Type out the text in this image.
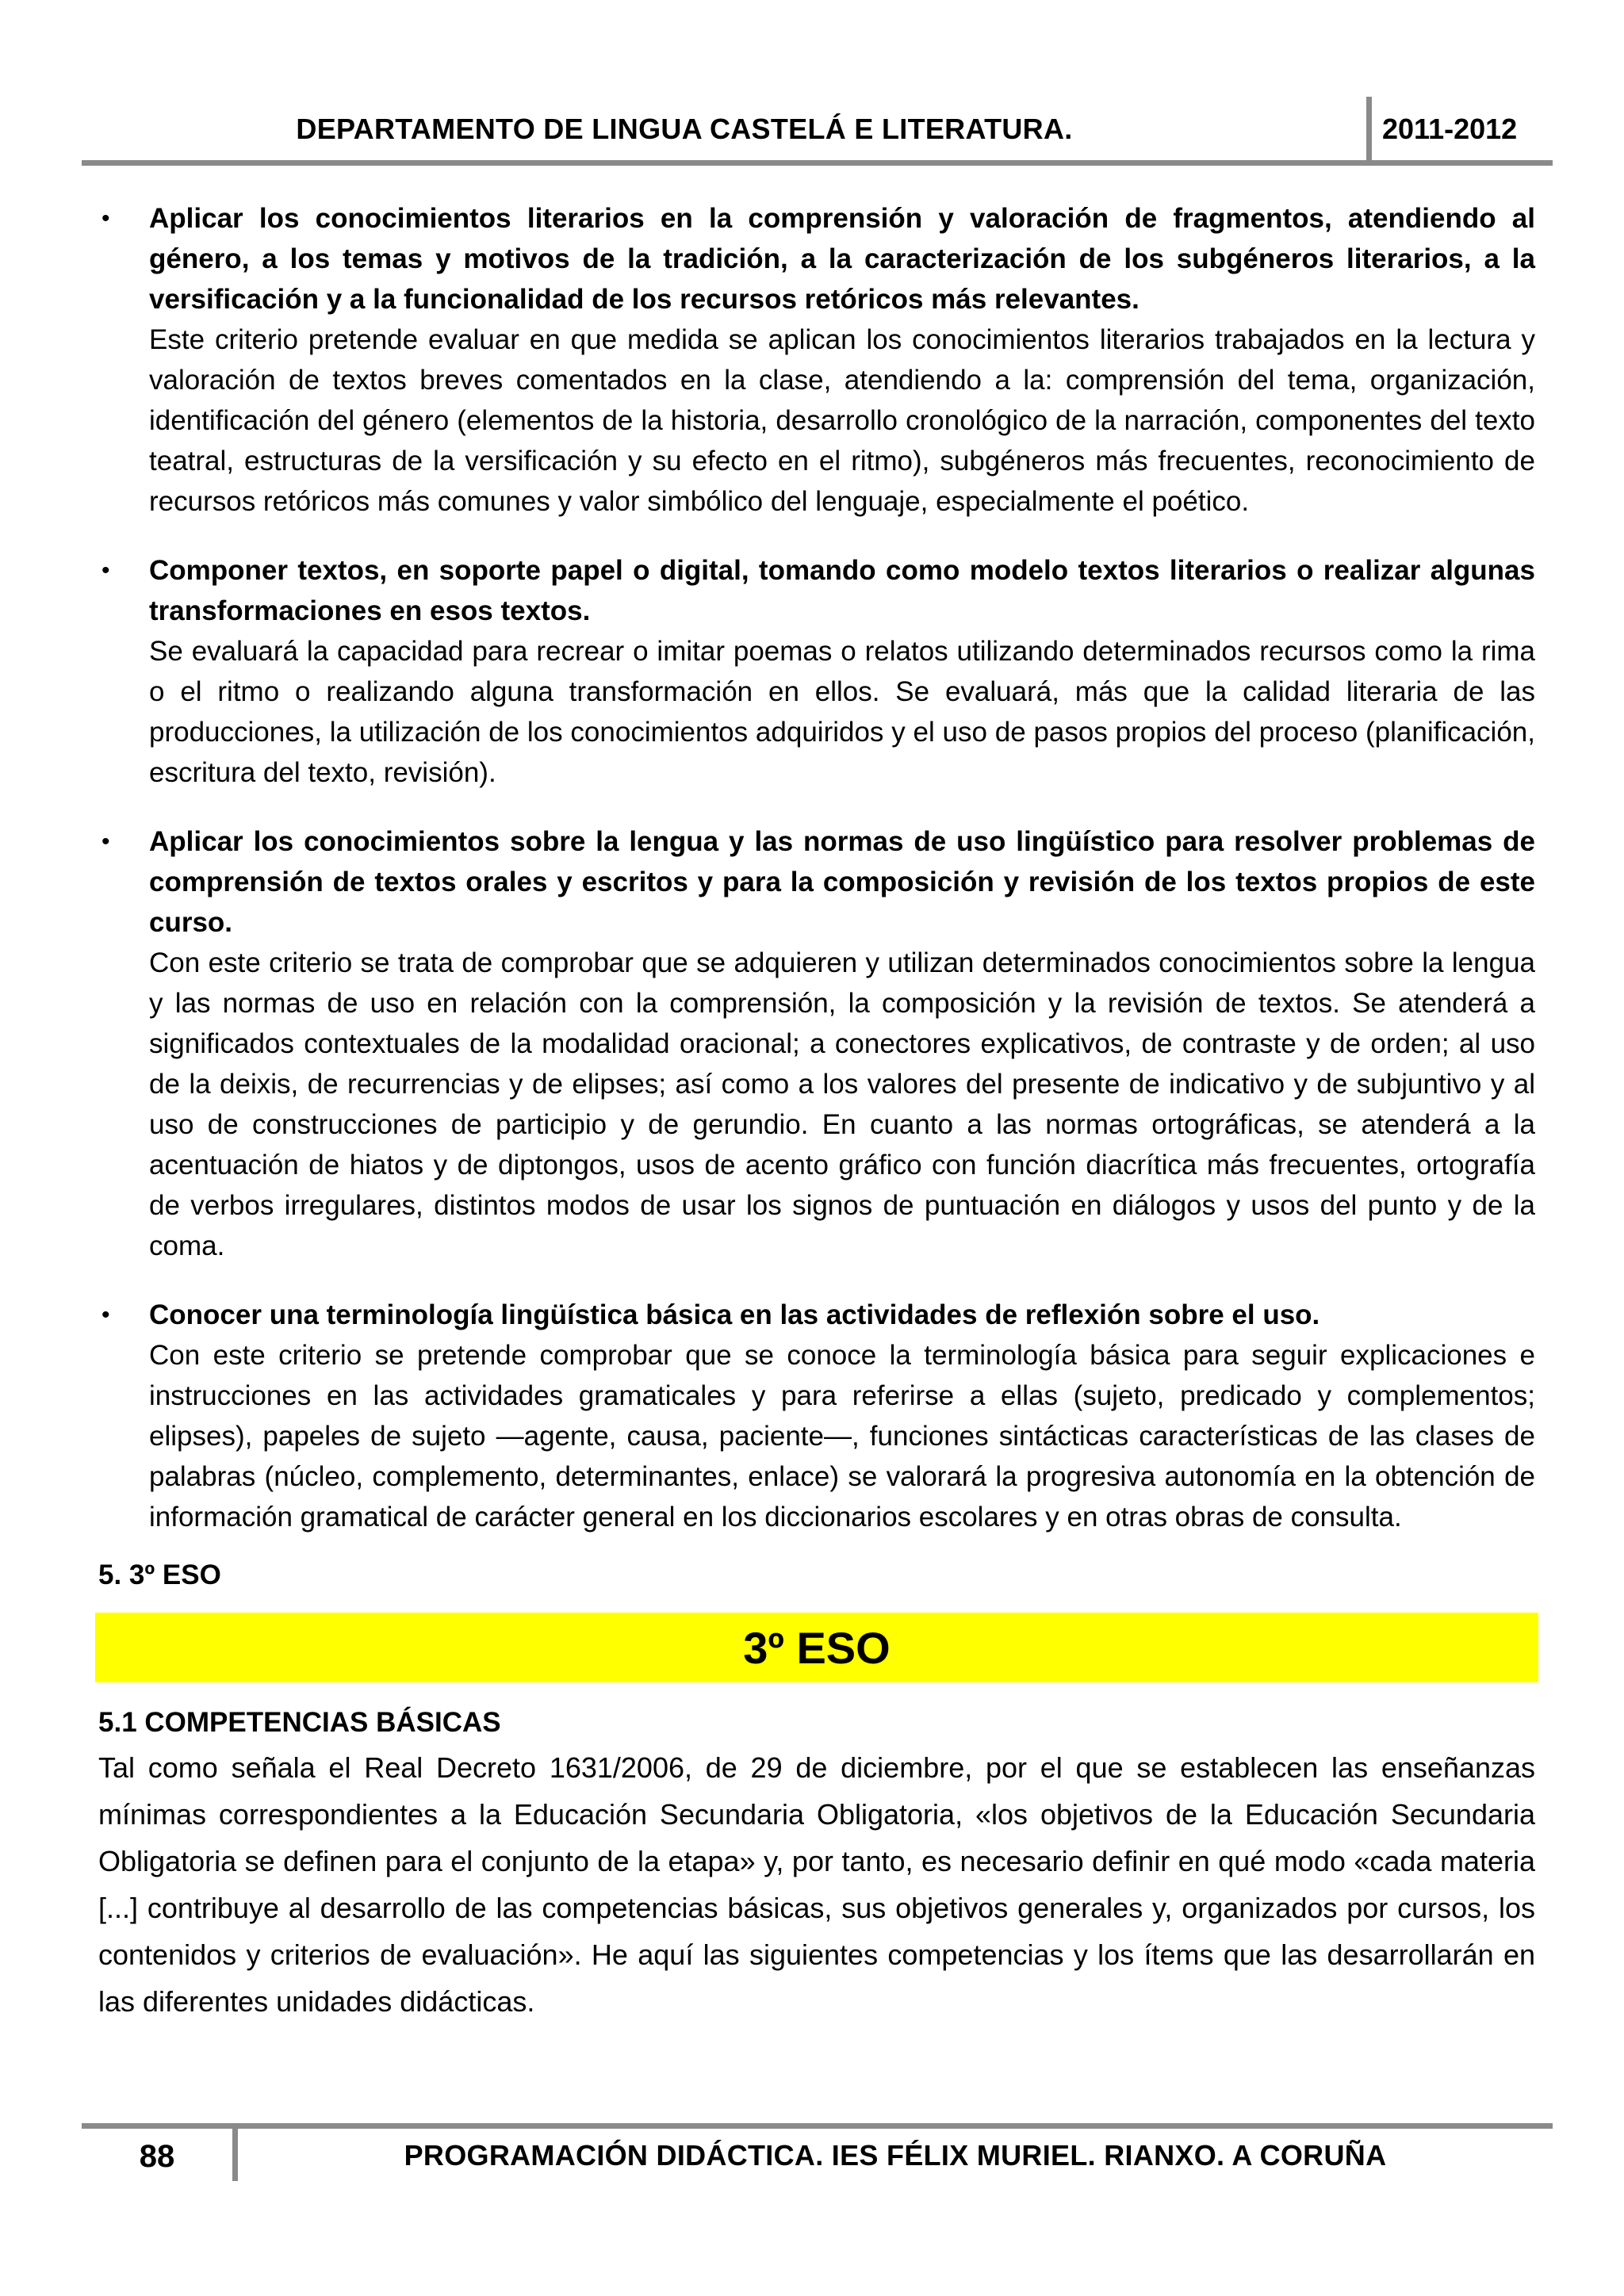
DEPARTAMENTO DE LINGUA CASTELÁ E LITERATURA.	2011-2012
• Aplicar los conocimientos literarios en la comprensión y valoración de fragmentos, atendiendo al género, a los temas y motivos de la tradición, a la caracterización de los subgéneros literarios, a la versificación y a la funcionalidad de los recursos retóricos más relevantes.
Este criterio pretende evaluar en que medida se aplican los conocimientos literarios trabajados en la lectura y valoración de textos breves comentados en la clase, atendiendo a la: comprensión del tema, organización, identificación del género (elementos de la historia, desarrollo cronológico de la narración, componentes del texto teatral, estructuras de la versificación y su efecto en el ritmo), subgéneros más frecuentes, reconocimiento de recursos retóricos más comunes y valor simbólico del lenguaje, especialmente el poético.
• Componer textos, en soporte papel o digital, tomando como modelo textos literarios o realizar algunas transformaciones en esos textos.
Se evaluará la capacidad para recrear o imitar poemas o relatos utilizando determinados recursos como la rima o el ritmo o realizando alguna transformación en ellos. Se evaluará, más que la calidad literaria de las producciones, la utilización de los conocimientos adquiridos y el uso de pasos propios del proceso (planificación, escritura del texto, revisión).
• Aplicar los conocimientos sobre la lengua y las normas de uso lingüístico para resolver problemas de comprensión de textos orales y escritos y para la composición y revisión de los textos propios de este curso.
Con este criterio se trata de comprobar que se adquieren y utilizan determinados conocimientos sobre la lengua y las normas de uso en relación con la comprensión, la composición y la revisión de textos. Se atenderá a significados contextuales de la modalidad oracional; a conectores explicativos, de contraste y de orden; al uso de la deixis, de recurrencias y de elipses; así como a los valores del presente de indicativo y de subjuntivo y al uso de construcciones de participio y de gerundio. En cuanto a las normas ortográficas, se atenderá a la acentuación de hiatos y de diptongos, usos de acento gráfico con función diacrítica más frecuentes, ortografía de verbos irregulares, distintos modos de usar los signos de puntuación en diálogos y usos del punto y de la coma.
• Conocer una terminología lingüística básica en las actividades de reflexión sobre el uso.
Con este criterio se pretende comprobar que se conoce la terminología básica para seguir explicaciones e instrucciones en las actividades gramaticales y para referirse a ellas (sujeto, predicado y complementos; elipses), papeles de sujeto —agente, causa, paciente—, funciones sintácticas características de las clases de palabras (núcleo, complemento, determinantes, enlace) se valorará la progresiva autonomía en la obtención de información gramatical de carácter general en los diccionarios escolares y en otras obras de consulta.
5. 3º ESO
3º ESO
5.1 COMPETENCIAS BÁSICAS
Tal como señala el Real Decreto 1631/2006, de 29 de diciembre, por el que se establecen las enseñanzas mínimas correspondientes a la Educación Secundaria Obligatoria, «los objetivos de la Educación Secundaria Obligatoria se definen para el conjunto de la etapa» y, por tanto, es necesario definir en qué modo «cada materia [...] contribuye al desarrollo de las competencias básicas, sus objetivos generales y, organizados por cursos, los contenidos y criterios de evaluación». He aquí las siguientes competencias y los ítems que las desarrollarán en las diferentes unidades didácticas.
88	PROGRAMACIÓN DIDÁCTICA. IES FÉLIX MURIEL. RIANXO. A CORUÑA
